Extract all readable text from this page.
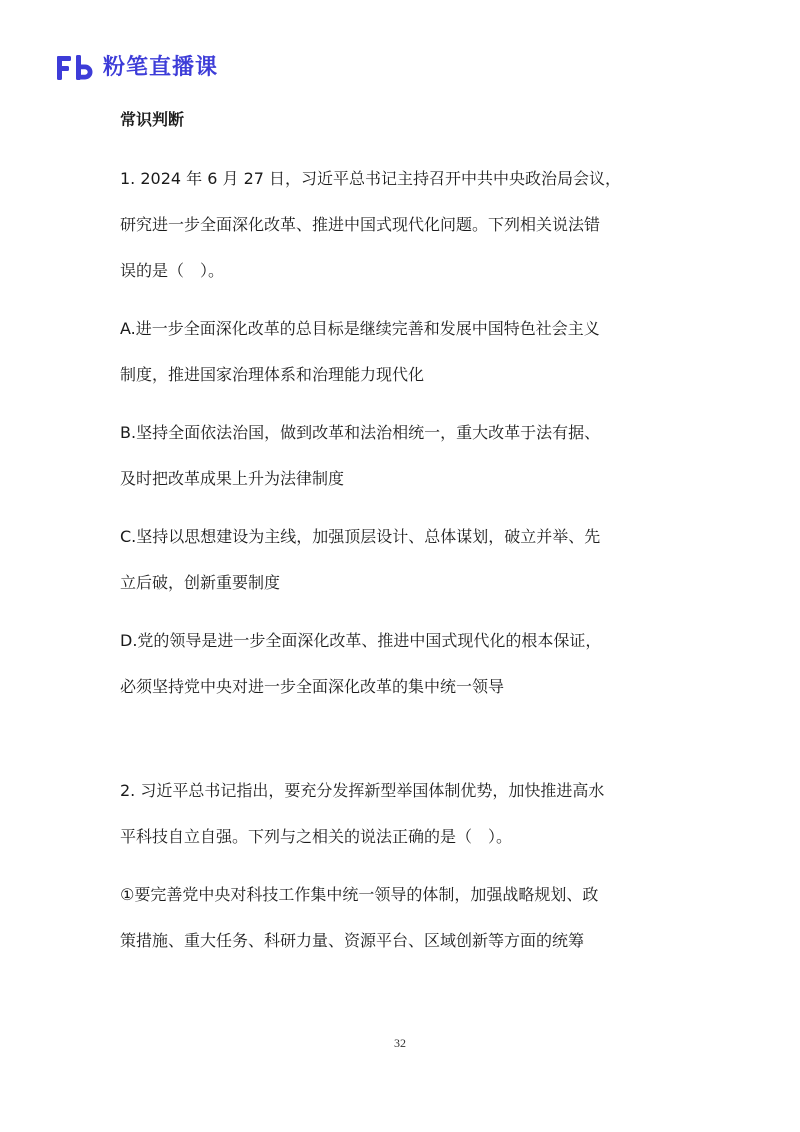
粉笔直播课
常识判断

1. 2024 年 6 月 27 日，习近平总书记主持召开中共中央政治局会议，
研究进一步全面深化改革、推进中国式现代化问题。下列相关说法错
误的是（　）。

A.进一步全面深化改革的总目标是继续完善和发展中国特色社会主义
制度，推进国家治理体系和治理能力现代化

B.坚持全面依法治国，做到改革和法治相统一，重大改革于法有据、
及时把改革成果上升为法律制度

C.坚持以思想建设为主线，加强顶层设计、总体谋划，破立并举、先
立后破，创新重要制度

D.党的领导是进一步全面深化改革、推进中国式现代化的根本保证，
必须坚持党中央对进一步全面深化改革的集中统一领导

2. 习近平总书记指出，要充分发挥新型举国体制优势，加快推进高水
平科技自立自强。下列与之相关的说法正确的是（　）。

①要完善党中央对科技工作集中统一领导的体制，加强战略规划、政
策措施、重大任务、科研力量、资源平台、区域创新等方面的统筹

32
